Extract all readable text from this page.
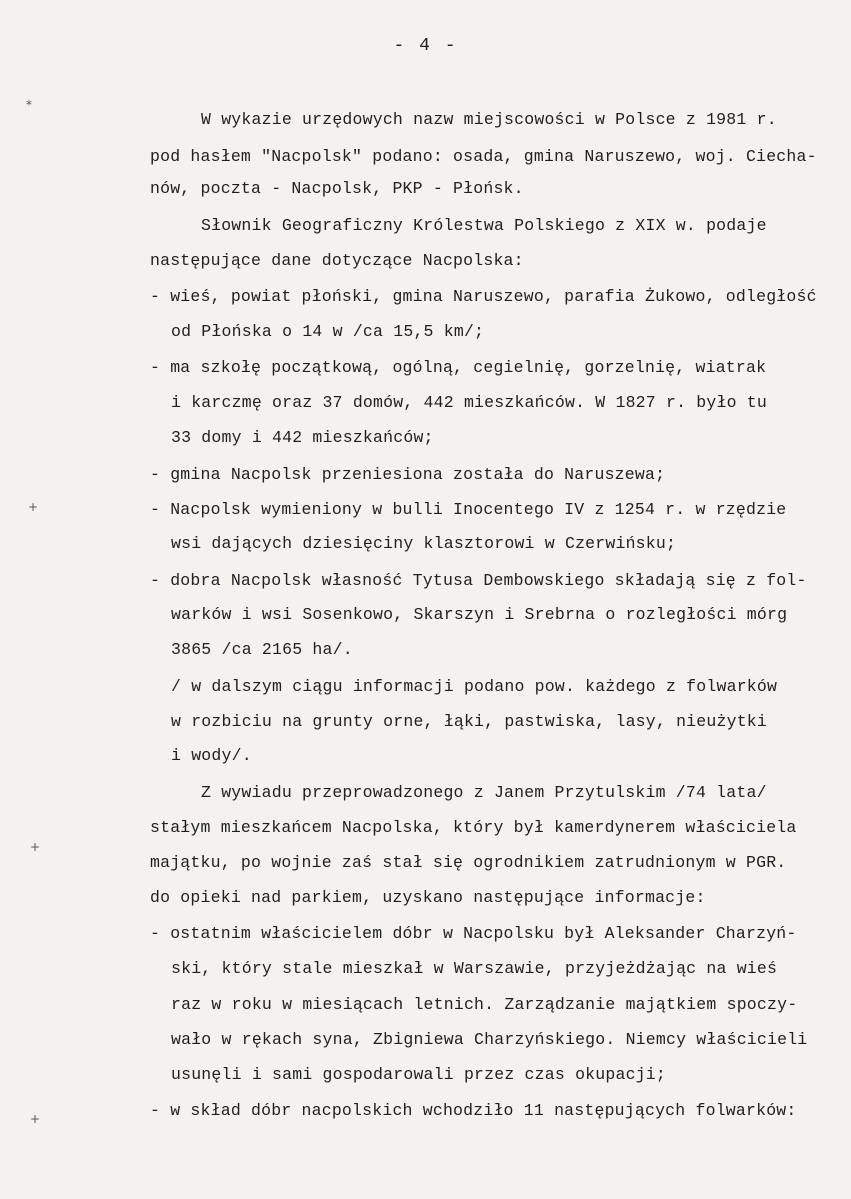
- 4 -
⁎
+
+
+
W wykazie urzędowych nazw miejscowości w Polsce z 1981 r.
pod hasłem "Nacpolsk" podano: osada, gmina Naruszewo, woj. Ciecha-
nów, poczta - Nacpolsk, PKP - Płońsk.
Słownik Geograficzny Królestwa Polskiego z XIX w. podaje
następujące dane dotyczące Nacpolska:
- wieś, powiat płoński, gmina Naruszewo, parafia Żukowo, odległość
od Płońska o 14 w /ca 15,5 km/;
- ma szkołę początkową, ogólną, cegielnię, gorzelnię, wiatrak
i karczmę oraz 37 domów, 442 mieszkańców. W 1827 r. było tu
33 domy i 442 mieszkańców;
- gmina Nacpolsk przeniesiona została do Naruszewa;
- Nacpolsk wymieniony w bulli Inocentego IV z 1254 r. w rzędzie
wsi dających dziesięciny klasztorowi w Czerwińsku;
- dobra Nacpolsk własność Tytusa Dembowskiego składają się z fol-
warków i wsi Sosenkowo, Skarszyn i Srebrna o rozległości mórg
3865 /ca 2165 ha/.
/ w dalszym ciągu informacji podano pow. każdego z folwarków
w rozbiciu na grunty orne, łąki, pastwiska, lasy, nieużytki
i wody/.
Z wywiadu przeprowadzonego z Janem Przytulskim /74 lata/
stałym mieszkańcem Nacpolska, który był kamerdynerem właściciela
majątku, po wojnie zaś stał się ogrodnikiem zatrudnionym w PGR.
do opieki nad parkiem, uzyskano następujące informacje:
- ostatnim właścicielem dóbr w Nacpolsku był Aleksander Charzyń-
ski, który stale mieszkał w Warszawie, przyjeżdżając na wieś
raz w roku w miesiącach letnich. Zarządzanie majątkiem spoczy-
wało w rękach syna, Zbigniewa Charzyńskiego. Niemcy właścicieli
usunęli i sami gospodarowali przez czas okupacji;
- w skład dóbr nacpolskich wchodziło 11 następujących folwarków:
